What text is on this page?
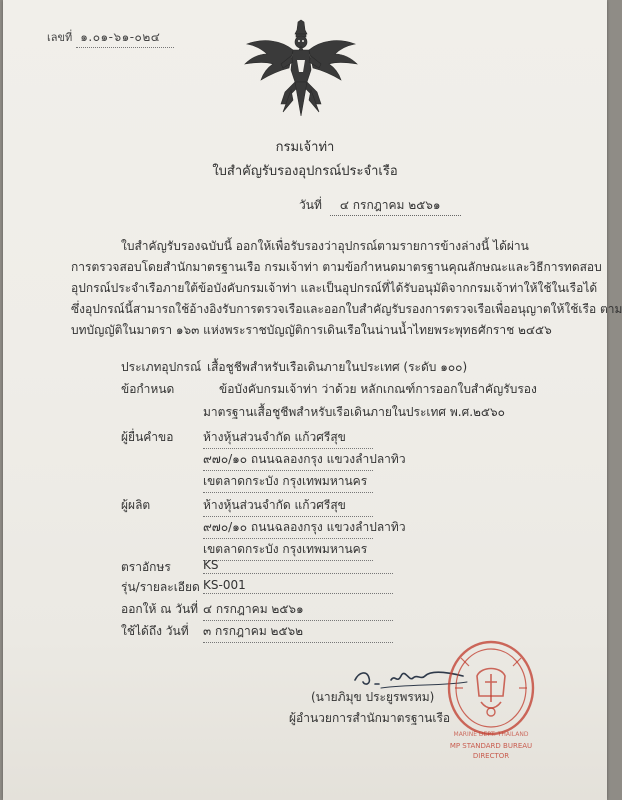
เลขที่ ๑.๐๑-๖๑-๐๒๔
กรมเจ้าท่า
ใบสำคัญรับรองอุปกรณ์ประจำเรือ
วันที่	๔ กรกฎาคม ๒๕๖๑
ใบสำคัญรับรองฉบับนี้ ออกให้เพื่อรับรองว่าอุปกรณ์ตามรายการข้างล่างนี้ ได้ผ่าน
การตรวจสอบโดยสำนักมาตรฐานเรือ กรมเจ้าท่า ตามข้อกำหนดมาตรฐานคุณลักษณะและวิธีการทดสอบ
อุปกรณ์ประจำเรือภายใต้ข้อบังคับกรมเจ้าท่า และเป็นอุปกรณ์ที่ได้รับอนุมัติจากกรมเจ้าท่าให้ใช้ในเรือได้
ซึ่งอุปกรณ์นี้สามารถใช้อ้างอิงรับการตรวจเรือและออกใบสำคัญรับรองการตรวจเรือเพื่ออนุญาตให้ใช้เรือ ตาม
บทบัญญัติในมาตรา ๑๖๓ แห่งพระราชบัญญัติการเดินเรือในน่านน้ำไทยพระพุทธศักราช ๒๔๕๖
ประเภทอุปกรณ์ เสื้อชูชีพสำหรับเรือเดินภายในประเทศ (ระดับ ๑๐๐)
ข้อกำหนด	ข้อบังคับกรมเจ้าท่า ว่าด้วย หลักเกณฑ์การออกใบสำคัญรับรอง
มาตรฐานเสื้อชูชีพสำหรับเรือเดินภายในประเทศ พ.ศ.๒๕๖๐
ผู้ยื่นคำขอ ห้างหุ้นส่วนจำกัด แก้วศรีสุข
๙๗๐/๑๐ ถนนฉลองกรุง แขวงลำปลาทิว
เขตลาดกระบัง กรุงเทพมหานคร
ผู้ผลิต	ห้างหุ้นส่วนจำกัด แก้วศรีสุข
๙๗๐/๑๐ ถนนฉลองกรุง แขวงลำปลาทิว
เขตลาดกระบัง กรุงเทพมหานคร
ตราอักษร	KS
รุ่น/รายละเอียด KS-001
ออกให้ ณ วันที่ ๔ กรกฎาคม ๒๕๖๑
ใช้ได้ถึง วันที่ ๓ กรกฎาคม ๒๕๖๒
MP STANDARD BUREAU
DIRECTOR
MARINE DEPT. THAILAND
(นายภิมุข ประยูรพรหม)
ผู้อำนวยการสำนักมาตรฐานเรือ
